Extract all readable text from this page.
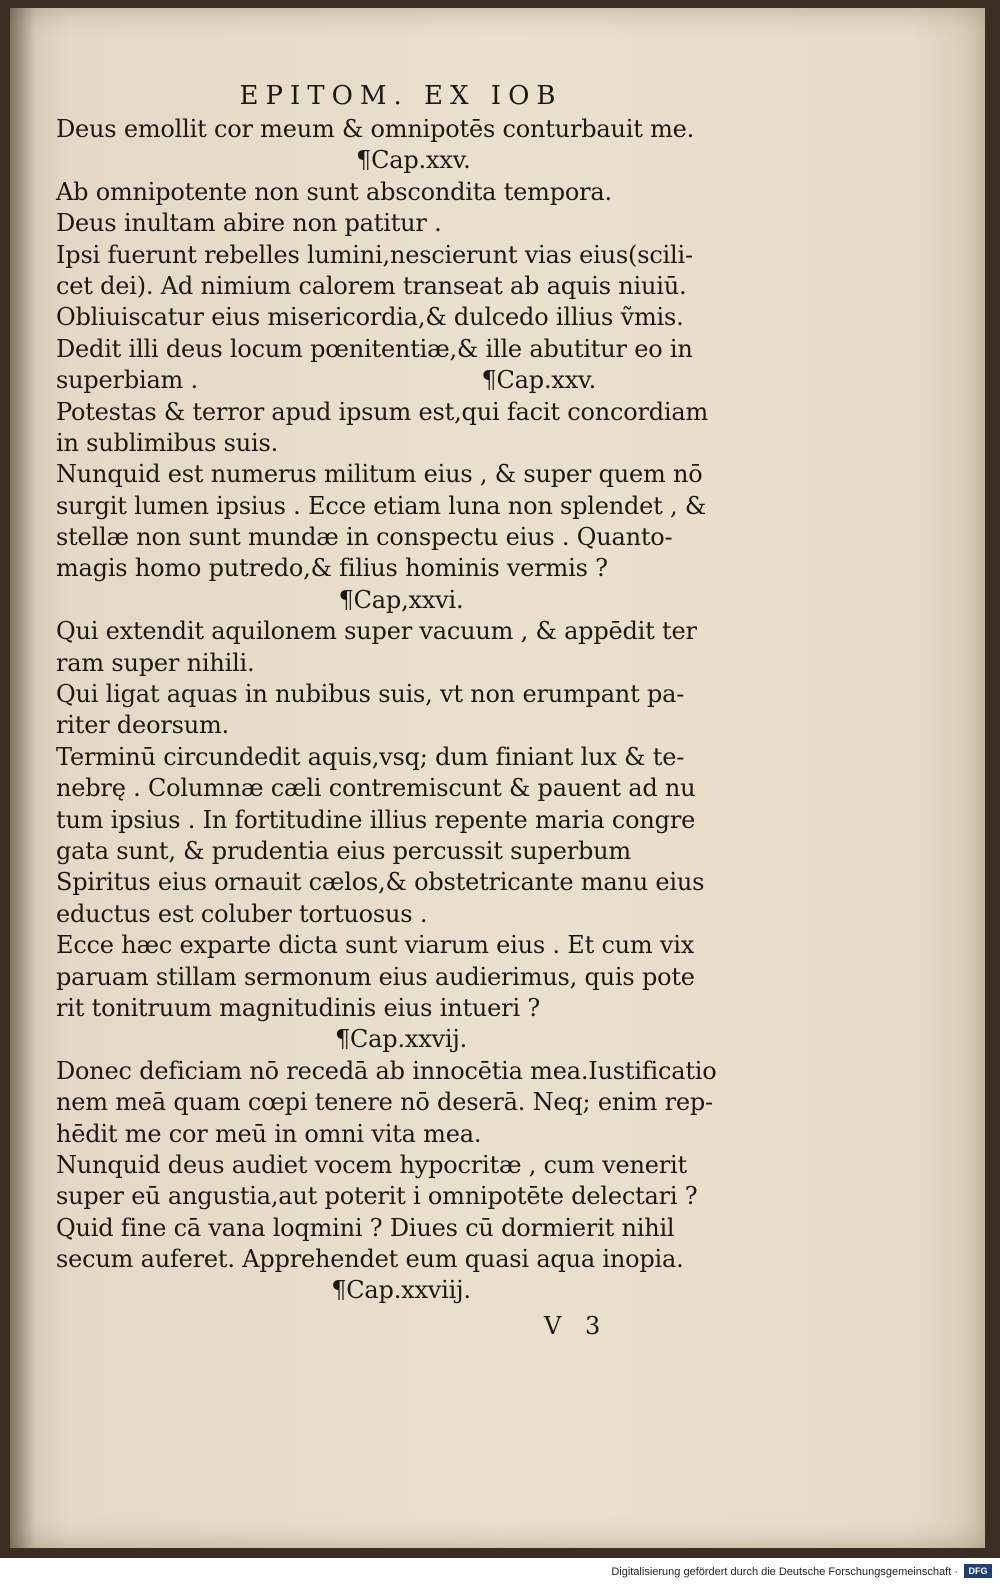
EPITOM. EX IOB
Deus emollit cor meum & omnipotēs conturbauit me.
¶Cap.xxv.
Ab omnipotente non sunt abscondita tempora.
Deus inultam abire non patitur .
Ipsi fuerunt rebelles lumini,nescierunt vias eius(scili-
cet dei). Ad nimium calorem transeat ab aquis niuiū.
Obliuiscatur eius misericordia,& dulcedo illius ṽmis.
Dedit illi deus locum pœnitentiæ,& ille abutitur eo in
superbiam .	¶Cap.xxv.
Potestas & terror apud ipsum est,qui facit concordiam
in sublimibus suis.
Nunquid est numerus militum eius , & super quem nō
surgit lumen ipsius . Ecce etiam luna non splendet , &
stellæ non sunt mundæ in conspectu eius . Quanto-
magis homo putredo,& filius hominis vermis ?
¶Cap,xxvi.
Qui extendit aquilonem super vacuum , & appēdit ter
ram super nihili.
Qui ligat aquas in nubibus suis, vt non erumpant pa-
riter deorsum.
Terminū circundedit aquis,vsq; dum finiant lux & te-
nebrę . Columnæ cæli contremiscunt & pauent ad nu
tum ipsius . In fortitudine illius repente maria congre
gata sunt, & prudentia eius percussit superbum
Spiritus eius ornauit cælos,& obstetricante manu eius
eductus est coluber tortuosus .
Ecce hæc exparte dicta sunt viarum eius . Et cum vix
paruam stillam sermonum eius audierimus, quis pote
rit tonitruum magnitudinis eius intueri ?
¶Cap.xxvij.
Donec deficiam nō recedā ab innocētia mea.Iustificatio
nem meā quam cœpi tenere nō deserā. Neq; enim rep-
hēdit me cor meū in omni vita mea.
Nunquid deus audiet vocem hypocritæ , cum venerit
super eū angustia,aut poterit i omnipotēte delectari ?
Quid fine cā vana loqmini ? Diues cū dormierit nihil
secum auferet. Apprehendet eum quasi aqua inopia.
¶Cap.xxviij.
V 3
Digitalisierung gefördert durch die Deutsche Forschungsgemeinschaft ·	DFG
